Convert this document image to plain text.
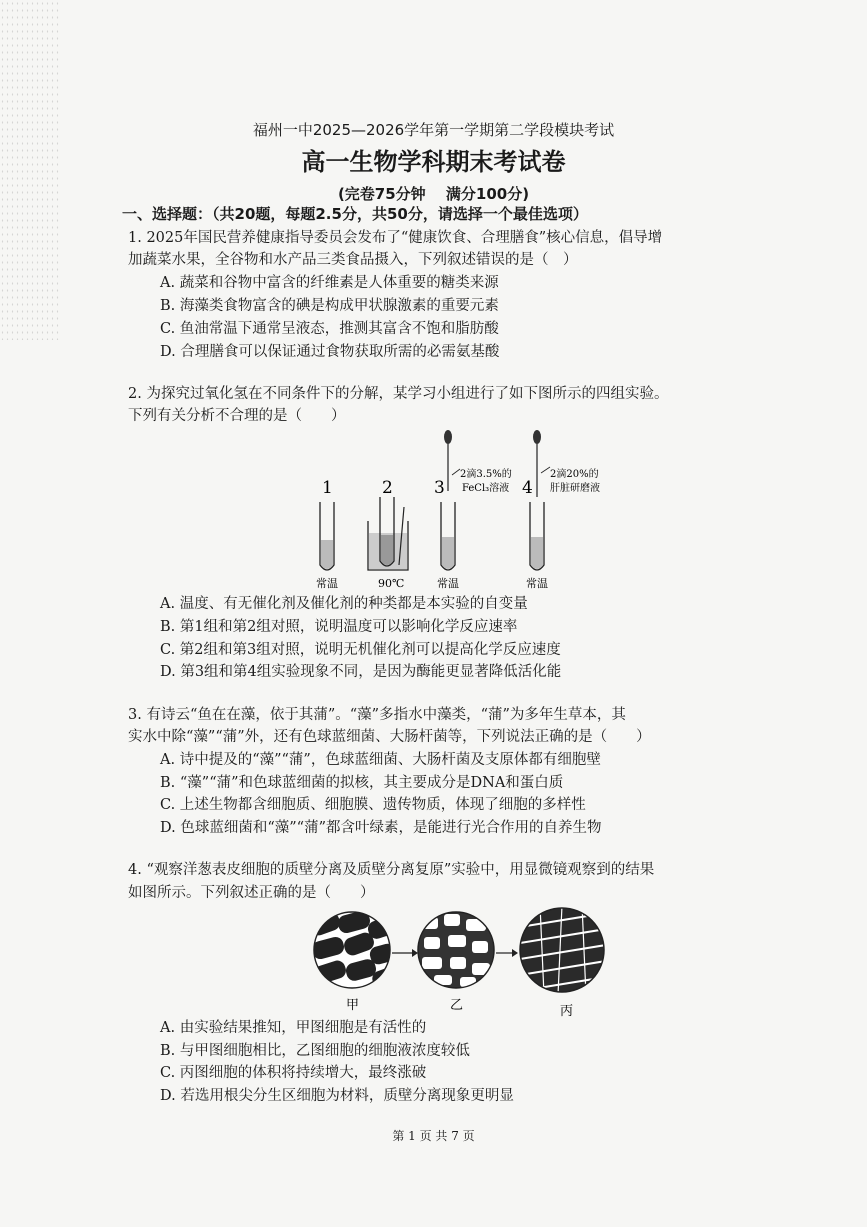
福州一中2025—2026学年第一学期第二学段模块考试
高一生物学科期末考试卷
(完卷75分钟　 满分100分)
一、选择题：（共20题，每题2.5分，共50分，请选择一个最佳选项）
1. 2025年国民营养健康指导委员会发布了“健康饮食、合理膳食”核心信息，倡导增
加蔬菜水果，全谷物和水产品三类食品摄入，下列叙述错误的是（　）
A. 蔬菜和谷物中富含的纤维素是人体重要的糖类来源
B. 海藻类食物富含的碘是构成甲状腺激素的重要元素
C. 鱼油常温下通常呈液态，推测其富含不饱和脂肪酸
D. 合理膳食可以保证通过食物获取所需的必需氨基酸
2. 为探究过氧化氢在不同条件下的分解，某学习小组进行了如下图所示的四组实验。
下列有关分析不合理的是（　　）
1	2 3	4
2滴3.5%的
FeCl₃溶液
2滴20%的
肝脏研磨液
常温	90℃	常温	常温
A. 温度、有无催化剂及催化剂的种类都是本实验的自变量
B. 第1组和第2组对照，说明温度可以影响化学反应速率
C. 第2组和第3组对照，说明无机催化剂可以提高化学反应速度
D. 第3组和第4组实验现象不同，是因为酶能更显著降低活化能
3. 有诗云“鱼在在藻，依于其蒲”。“藻”多指水中藻类，“蒲”为多年生草本，其
实水中除“藻”“蒲”外，还有色球蓝细菌、大肠杆菌等，下列说法正确的是（　　）
A. 诗中提及的“藻”“蒲”，色球蓝细菌、大肠杆菌及支原体都有细胞壁
B. “藻”“蒲”和色球蓝细菌的拟核，其主要成分是DNA和蛋白质
C. 上述生物都含细胞质、细胞膜、遗传物质，体现了细胞的多样性
D. 色球蓝细菌和“藻”“蒲”都含叶绿素，是能进行光合作用的自养生物
4. “观察洋葱表皮细胞的质壁分离及质壁分离复原”实验中，用显微镜观察到的结果
如图所示。下列叙述正确的是（　　）
甲	乙	丙
A. 由实验结果推知，甲图细胞是有活性的
B. 与甲图细胞相比，乙图细胞的细胞液浓度较低
C. 丙图细胞的体积将持续增大，最终涨破
D. 若选用根尖分生区细胞为材料，质壁分离现象更明显
第 1 页 共 7 页
